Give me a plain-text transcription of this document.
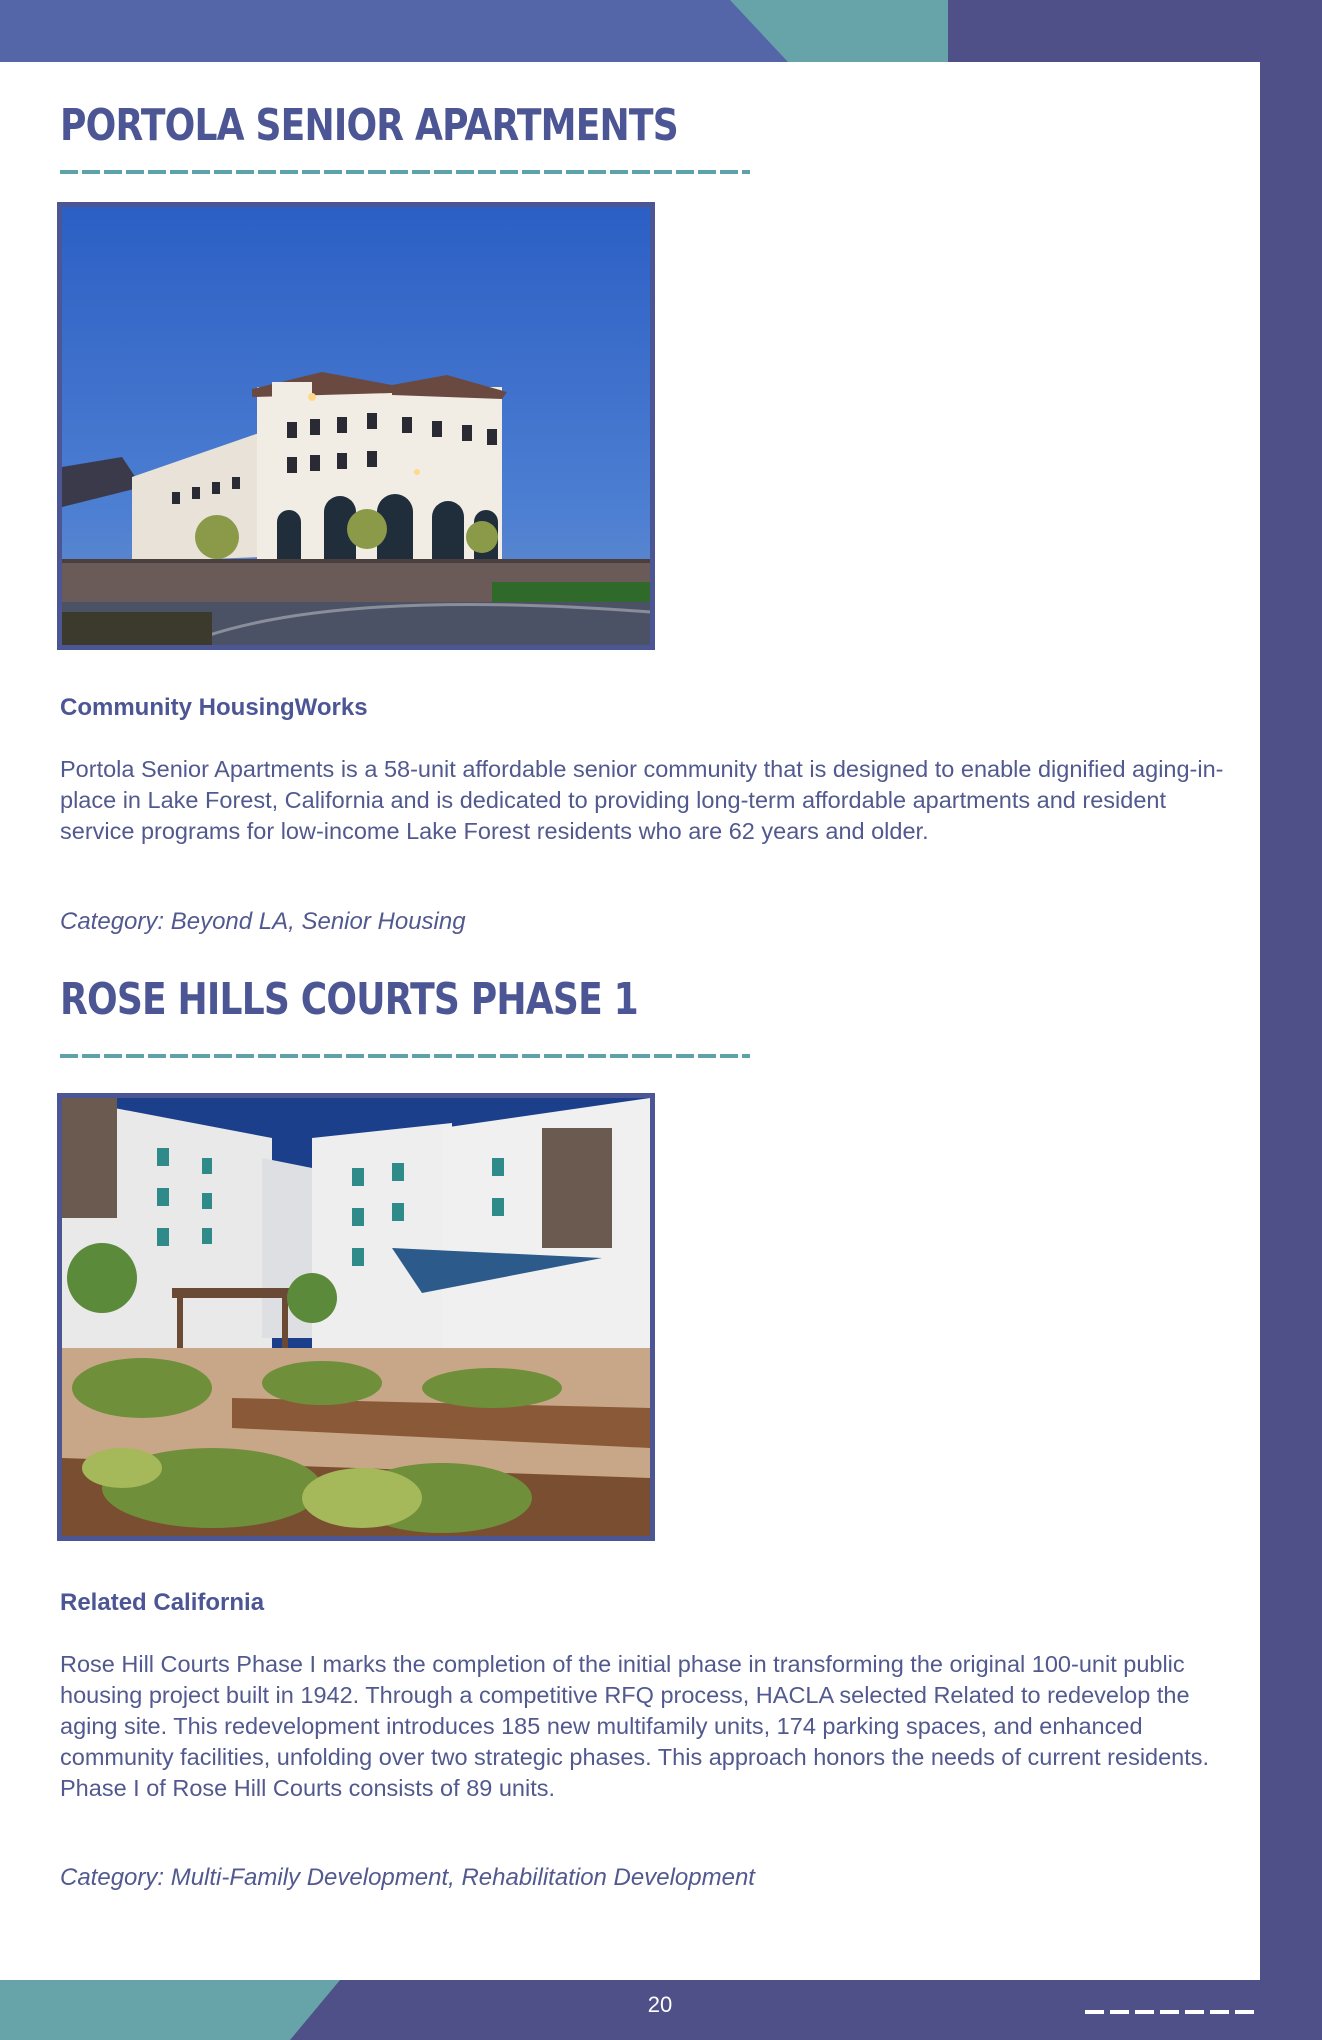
PORTOLA SENIOR APARTMENTS

Community HousingWorks

Portola Senior Apartments is a 58-unit affordable senior community that is designed to enable dignified aging-in-place in Lake Forest, California and is dedicated to providing long-term affordable apartments and resident service programs for low-income Lake Forest residents who are 62 years and older.

Category: Beyond LA, Senior Housing

ROSE HILLS COURTS PHASE 1

Related California

Rose Hill Courts Phase I marks the completion of the initial phase in transforming the original 100-unit public housing project built in 1942. Through a competitive RFQ process, HACLA selected Related to redevelop the aging site. This redevelopment introduces 185 new multifamily units, 174 parking spaces, and enhanced community facilities, unfolding over two strategic phases. This approach honors the needs of current residents. Phase I of Rose Hill Courts consists of 89 units.

Category: Multi-Family Development, Rehabilitation Development

20
